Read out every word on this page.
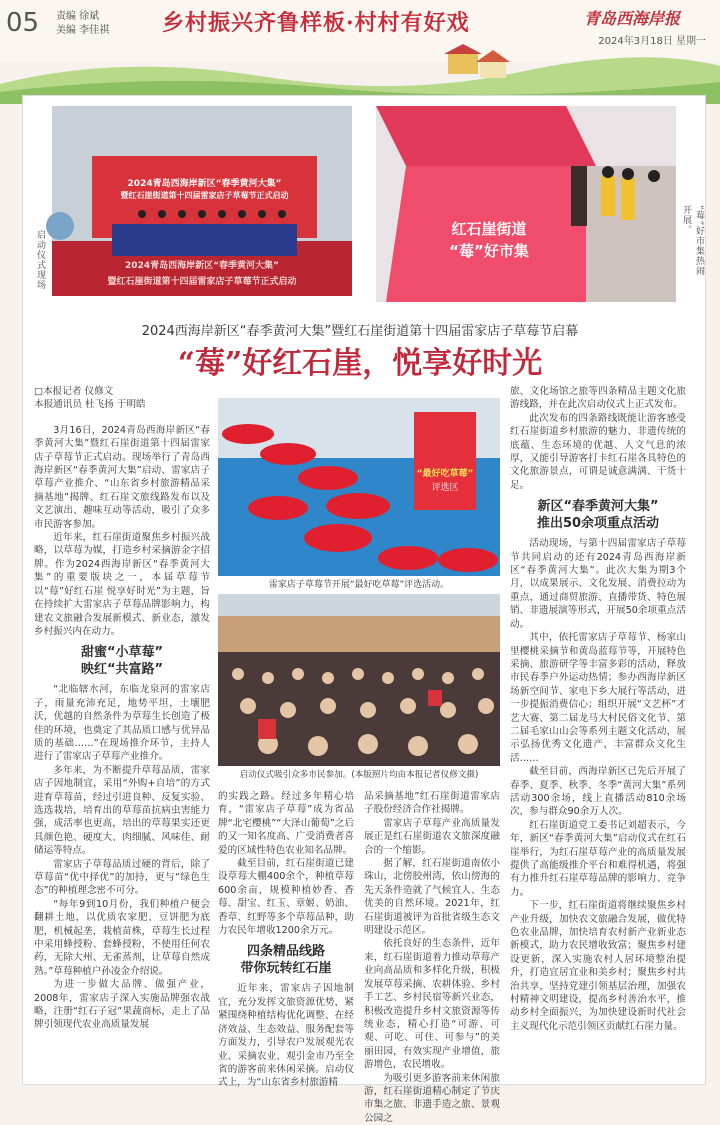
05 责编 徐斌
美编 李佳祺 乡村振兴齐鲁样板·村村有好戏	青岛西海岸报
2024年3月18日 星期一
2024青岛西海岸新区“春季黄河大集”
暨红石崖街道第十四届雷家店子草莓节正式启动
2024青岛西海岸新区“春季黄河大集”
暨红石崖街道第十四届雷家店子草莓节正式启动
启动仪式现场
红石崖街道
“莓”好市集	“莓”好市集热闹开展。
2024西海岸新区“春季黄河大集”暨红石崖街道第十四届雷家店子草莓节启幕
“莓”好红石崖，悦享好时光
“最好吃草莓”
评选区
雷家店子草莓节开展“最好吃草莓”评选活动。
启动仪式吸引众多市民参加。(本版照片均由本报记者仪修文摄)
□本报记者 仪修文
本报通讯员 杜飞扬 于明皓

3月16日，2024青岛西海岸新区“春季黄河大集”暨红石崖街道第十四届雷家店子草莓节正式启动。现场举行了青岛西海岸新区“春季黄河大集”启动、雷家店子草莓产业推介、“山东省乡村旅游精品采摘基地”揭牌、红石崖文旅线路发布以及文艺演出、趣味互动等活动，吸引了众多市民游客参加。

近年来，红石崖街道聚焦乡村振兴战略，以草莓为媒，打造乡村采摘游金字招牌。作为2024西海岸新区“春季黄河大集”的重要版块之一，本届草莓节以“莓”好红石崖 悦享好时光”为主题，旨在持续扩大雷家店子草莓品牌影响力，构建农文旅融合发展新模式、新业态，激发乡村振兴内在动力。

甜蜜“小草莓”
映红“共富路”

“北临辖水河，东临龙泉河的雷家店子，雨量充沛充足，地势平坦，土壤肥沃，优越的自然条件为草莓生长创造了极佳的环境，也奠定了其品质口感与优异品质的基础……”在现场推介环节，主持人进行了雷家店子草莓产业推介。

多年来，为不断提升草莓品质，雷家店子因地制宜，采用“外购+自培”的方式进育草莓苗，经过引进良种、反复实验、选选栽培，培育出的草莓苗抗病虫害能力强，成活率也更高，培出的草莓果实还更具颜色艳、硬度大、肉细腻、风味佳、耐储运等特点。

雷家店子草莓品质过硬的背后，除了草莓苗“优中择优”的加持，更与“绿色生态”的种植理念密不可分。

“每年9到10月份，我们种植户便会翻耕土地，以优质农家肥、豆饼肥为底肥，机械起垄，栽植苗株，草莓生长过程中采用蜂授粉、套蜂授粉，不使用任何农药，无除大州、无雀蒸剂，让草莓自然成熟。”草莓种植户孙凌金介绍说。

为进一步做大品牌、做强产业，2008年，雷家店子深入实施品牌强农战略，注册“红石子冠”果蔬商标，走上了品牌引领现代农业高质量发展

的实践之路。经过多年精心培育，“雷家店子草莓”成为省品牌“北宅樱桃”“大泽山葡萄”之后的又一知名度高、广受消费者喜爱的区域性特色农业知名品牌。

截至目前，红石崖街道已建设草莓大棚400余个，种植草莓600余亩，规模种植妙香、香莓、甜宝、红玉、章姬、奶油、香草、红野等多个草莓品种，助力农民年增收1200余万元。

四条精品线路
带你玩转红石崖

近年来，雷家店子因地制宜，充分发挥文旅资源优势，紧紧围绕种植结构优化调整、在经济效益、生态效益、服务配套等方面发力，引导农户发展观光农业、采摘农业、观引金市乃至全省的游客前来休闲采摘。启动仪式上，为“山东省乡村旅游精

品采摘基地”红石崖街道雷家店子股份经济合作社揭牌。

雷家店子草莓产业高质量发展正是红石崖街道农文旅深度融合的一个缩影。

据了解，红石崖街道南依小珠山，北傍胶州湾，依山傍海的先天条件造就了气候宜人、生态优美的自然环境。2021年，红石崖街道被评为首批省级生态文明建设示范区。

依托良好的生态条件，近年来，红石崖街道着力推动草莓产业向高品质和多样化升级，积极发展草莓采摘、农耕体验、乡村手工艺、乡村民宿等新兴业态，积极改造提升乡村文旅资源等传统业态，精心打造“可游、可观、可吃、可住、可参与”的美丽田园，有效实现产业增值，旅游增色，农民增收。

为吸引更多游客前来休闲旅游，红石崖街道精心制定了节庆市集之旅、非遗手造之旅、景观公园之

旅、文化场馆之旅等四条精品主题文化旅游线路，并在此次启动仪式上正式发布。

此次发布的四条路线既能让游客感受红石崖街道乡村旅游的魅力、非遗传统的底蕴、生态环境的优越、人文气息的浓厚，又能引导游客打卡红石崖各具特色的文化旅游景点，可谓是诚意满满、干货十足。

新区“春季黄河大集”
推出50余项重点活动

活动现场，与第十四届雷家店子草莓节共同启动的还有2024青岛西海岸新区“春季黄河大集”。此次大集为期3个月，以成果展示、文化发展、消费拉动为重点，通过商贸旅游、直播带货、特色展销、非遗展演等形式，开展50余项重点活动。

其中，依托雷家店子草莓节、杨家山里樱桃采摘节和黄岛蓝莓节等，开展特色采摘、旅游研学等丰富多彩的活动，释放市民春季户外运动热情；参办西海岸新区场新空间节、家电下乡大展行等活动，进一步提振消费信心；组织开展“文艺杯”才艺大赛、第二届龙马大村民俗文化节、第二届毛家山山会等系列主题文化活动，展示弘扬优秀文化遗产，丰富群众文化生活……

截至目前，西海岸新区已先后开展了春季、夏季、秋季、冬季“黄河大集”系列活动300余场，线上直播活动810余场次，参与群众90余万人次。

红石崖街道党工委书记刘超表示，今年，新区“春季黄河大集”启动仪式在红石崖举行，为红石崖草莓产业的高质量发展提供了高能级推介平台和难得机遇，将强有力推升红石崖草莓品牌的影响力、竞争力。

下一步，红石崖街道将继续聚焦乡村产业升级，加快农文旅融合发展，做优特色农业品牌，加快培育农村新产业新业态新模式，助力农民增收致富；聚焦乡村建设更新，深入实施农村人居环境整治提升，打造宜居宜业和美乡村；聚焦乡村共治共享，坚持党建引领基层治理，加强农村精神文明建设，提高乡村善治水平，推动乡村全面振兴，为加快建设新时代社会主义现代化示范引领区贡献红石崖力量。
